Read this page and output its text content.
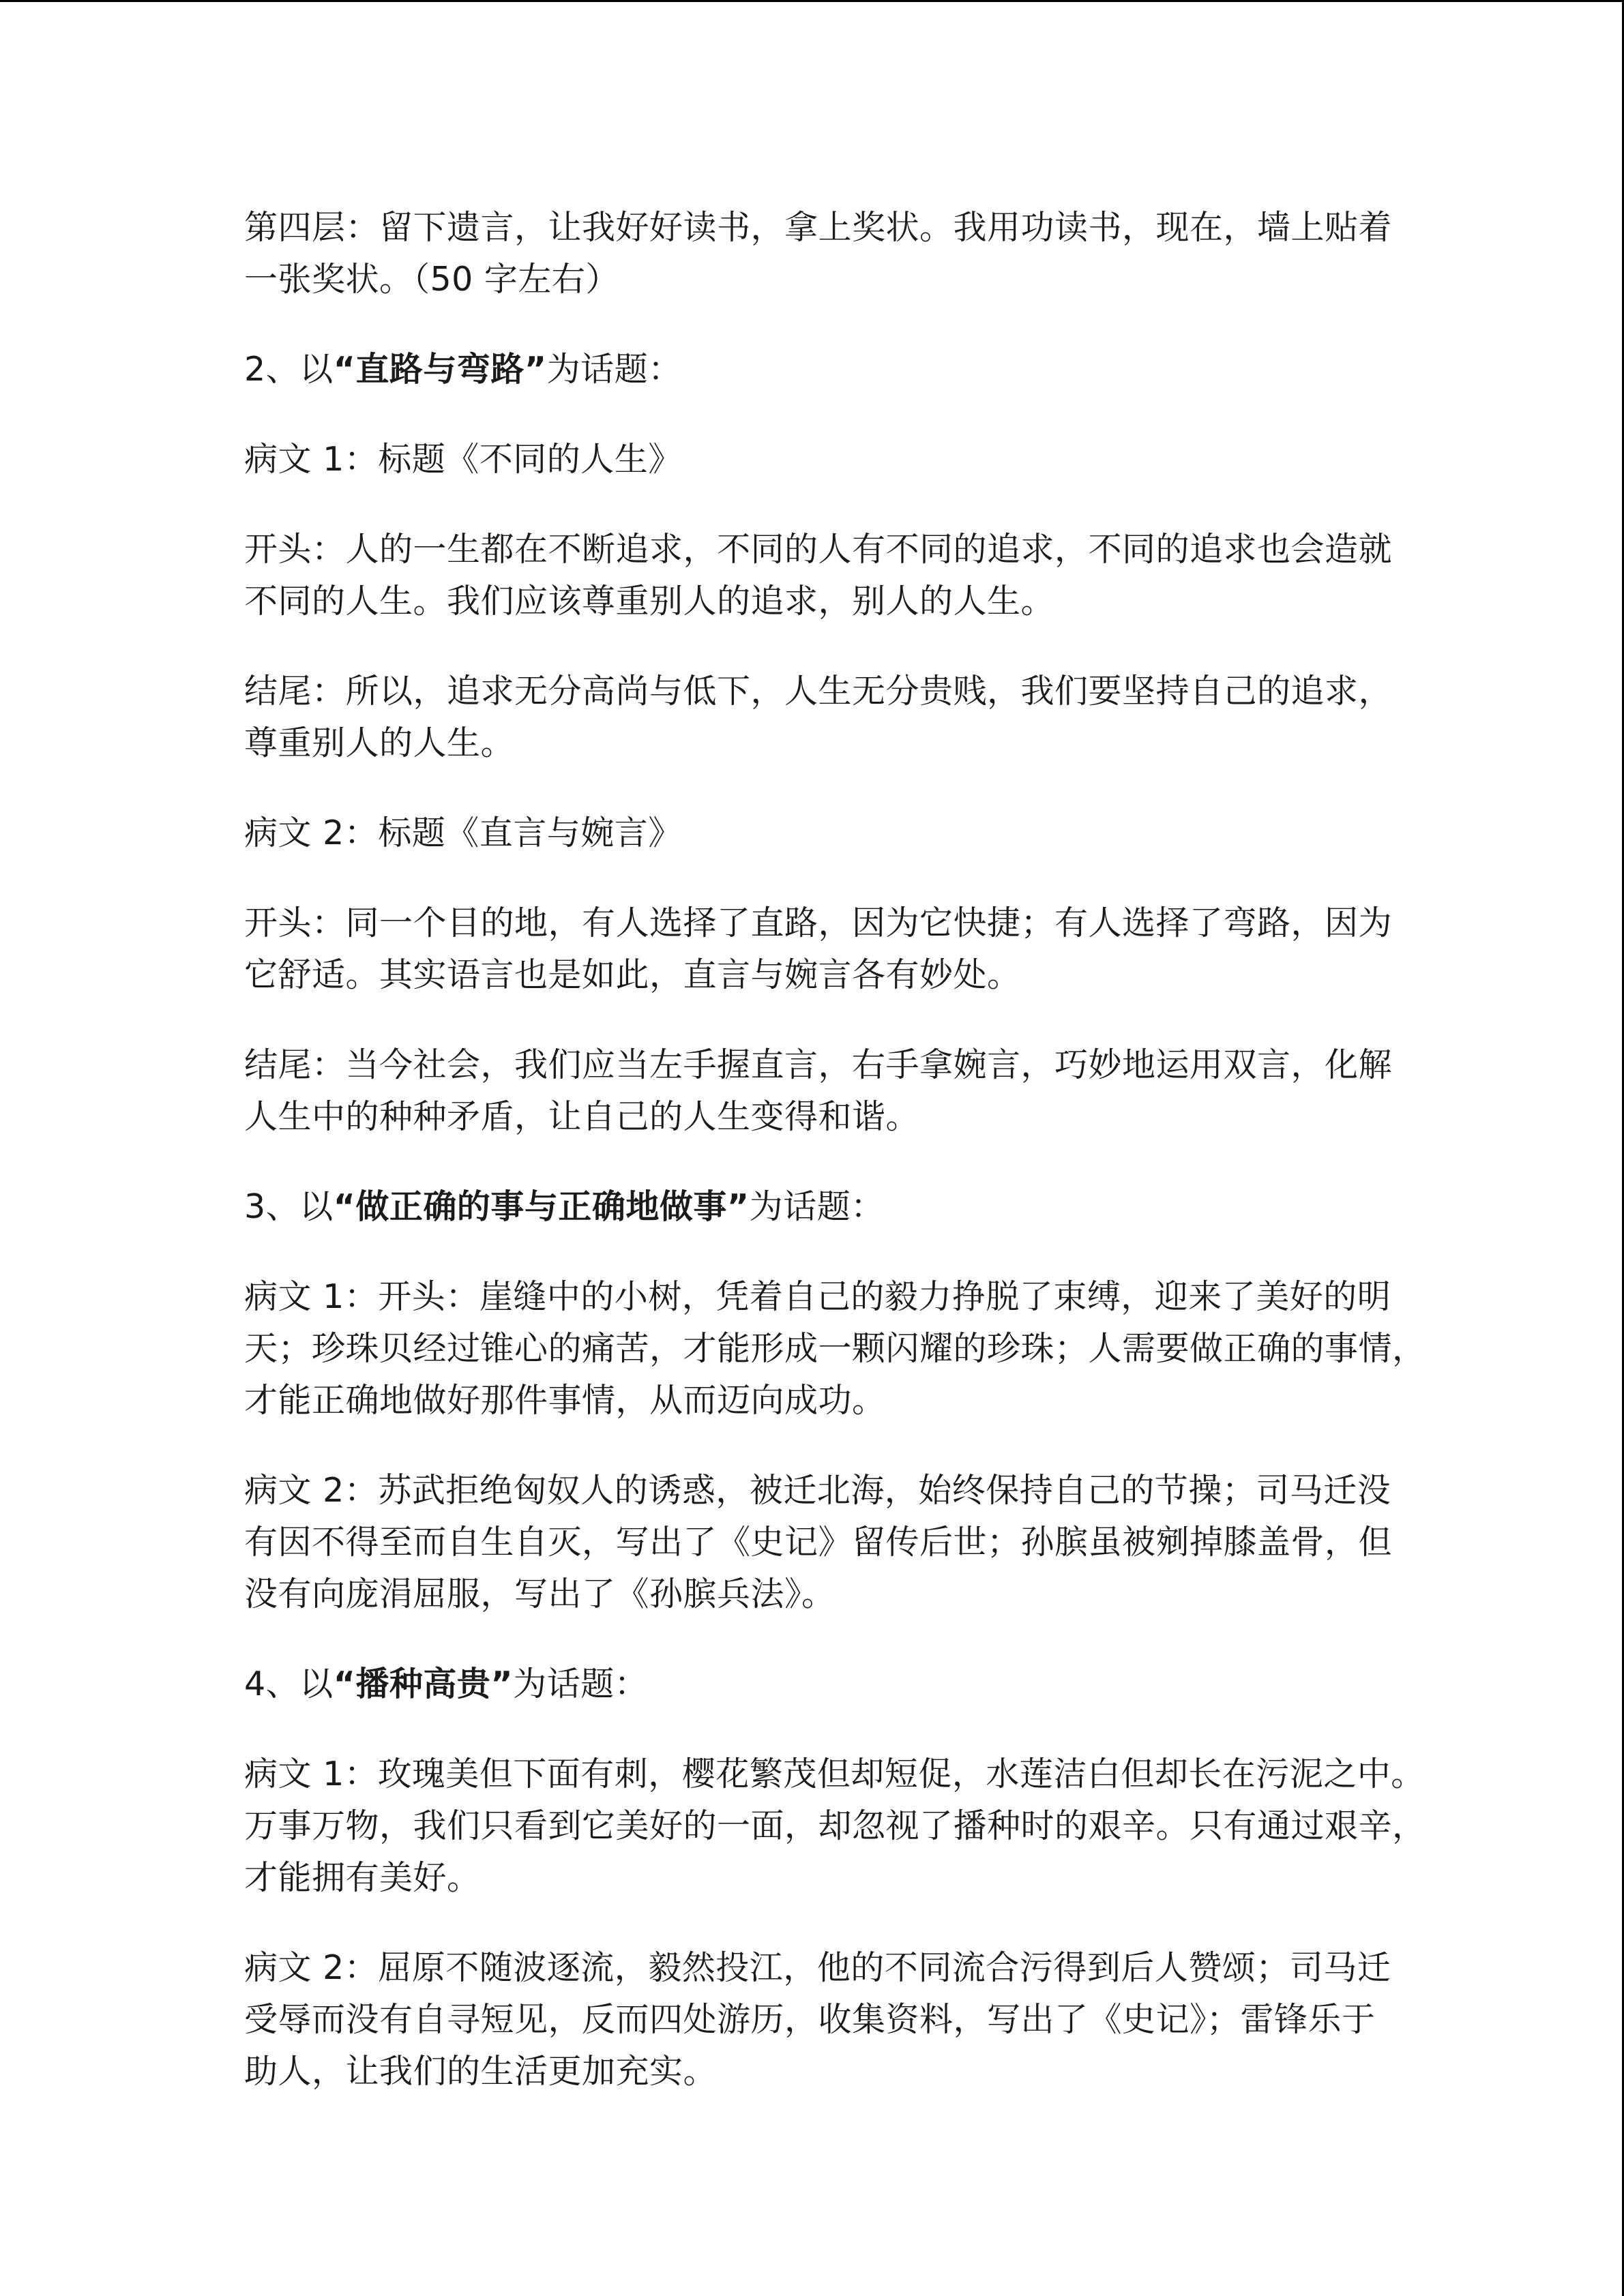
第四层：留下遗言，让我好好读书，拿上奖状。我用功读书，现在，墙上贴着
一张奖状。（50 字左右）

2、以“直路与弯路”为话题：

病文 1：标题《不同的人生》

开头：人的一生都在不断追求，不同的人有不同的追求，不同的追求也会造就
不同的人生。我们应该尊重别人的追求，别人的人生。

结尾：所以，追求无分高尚与低下，人生无分贵贱，我们要坚持自己的追求，
尊重别人的人生。

病文 2：标题《直言与婉言》

开头：同一个目的地，有人选择了直路，因为它快捷；有人选择了弯路，因为
它舒适。其实语言也是如此，直言与婉言各有妙处。

结尾：当今社会，我们应当左手握直言，右手拿婉言，巧妙地运用双言，化解
人生中的种种矛盾，让自己的人生变得和谐。

3、以“做正确的事与正确地做事”为话题：

病文 1：开头：崖缝中的小树，凭着自己的毅力挣脱了束缚，迎来了美好的明
天；珍珠贝经过锥心的痛苦，才能形成一颗闪耀的珍珠；人需要做正确的事情，
才能正确地做好那件事情，从而迈向成功。

病文 2：苏武拒绝匈奴人的诱惑，被迁北海，始终保持自己的节操；司马迁没
有因不得至而自生自灭，写出了《史记》留传后世；孙膑虽被剜掉膝盖骨，但
没有向庞涓屈服，写出了《孙膑兵法》。

4、以“播种高贵”为话题：

病文 1：玫瑰美但下面有刺，樱花繁茂但却短促，水莲洁白但却长在污泥之中。
万事万物，我们只看到它美好的一面，却忽视了播种时的艰辛。只有通过艰辛，
才能拥有美好。

病文 2：屈原不随波逐流，毅然投江，他的不同流合污得到后人赞颂；司马迁
受辱而没有自寻短见，反而四处游历，收集资料，写出了《史记》；雷锋乐于
助人，让我们的生活更加充实。
